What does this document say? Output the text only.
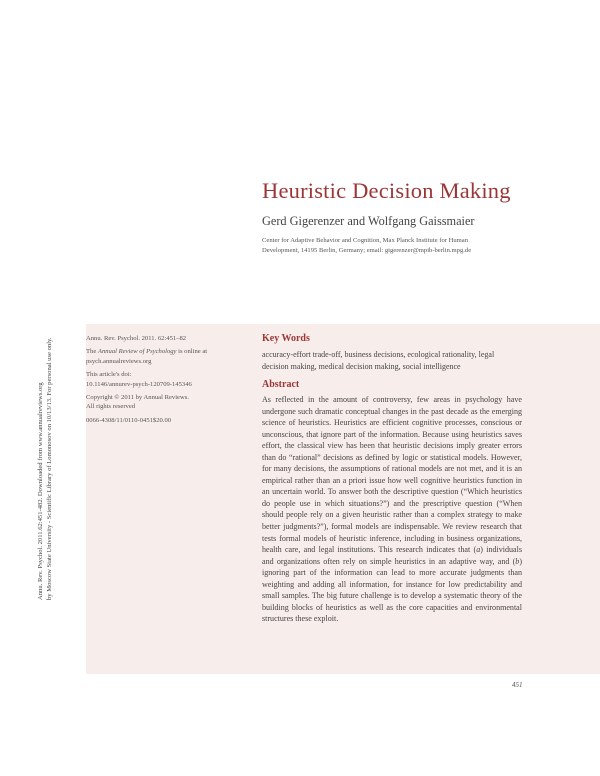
Annu. Rev. Psychol. 2011.62:451-482. Downloaded from www.annualreviews.org by Moscow State University - Scientific Library of Lomonosov on 10/13/13. For personal use only.
Heuristic Decision Making
Gerd Gigerenzer and Wolfgang Gaissmaier
Center for Adaptive Behavior and Cognition, Max Planck Institute for Human
Development, 14195 Berlin, Germany; email: gigerenzer@mpib-berlin.mpg.de

Annu. Rev. Psychol. 2011. 62:451–82

The Annual Review of Psychology is online at psych.annualreviews.org

This article's doi:
10.1146/annurev-psych-120709-145346

Copyright © 2011 by Annual Reviews.
All rights reserved

0066-4308/11/0110-0451$20.00

Key Words
accuracy-effort trade-off, business decisions, ecological rationality, legal decision making, medical decision making, social intelligence
Abstract
As reflected in the amount of controversy, few areas in psychology have undergone such dramatic conceptual changes in the past decade as the emerging science of heuristics. Heuristics are efficient cognitive processes, conscious or unconscious, that ignore part of the information. Because using heuristics saves effort, the classical view has been that heuristic decisions imply greater errors than do “rational” decisions as defined by logic or statistical models. However, for many decisions, the assumptions of rational models are not met, and it is an empirical rather than an a priori issue how well cognitive heuristics function in an uncertain world. To answer both the descriptive question (“Which heuristics do people use in which situations?”) and the prescriptive question (“When should people rely on a given heuristic rather than a complex strategy to make better judgments?”), formal models are indispensable. We review research that tests formal models of heuristic inference, including in business organizations, health care, and legal institutions. This research indicates that (a) individuals and organizations often rely on simple heuristics in an adaptive way, and (b) ignoring part of the information can lead to more accurate judgments than weighting and adding all information, for instance for low predictability and small samples. The big future challenge is to develop a systematic theory of the building blocks of heuristics as well as the core capacities and environmental structures these exploit.
451
